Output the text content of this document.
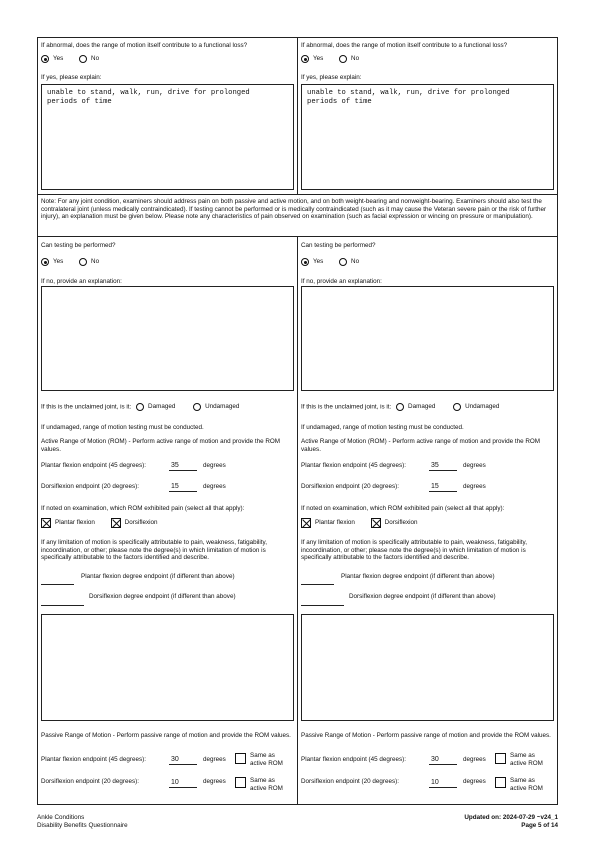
Note: For any joint condition, examiners should address pain on both passive and active motion, and on both weight-bearing and nonweight-bearing. Examiners should also test the contralateral joint (unless medically contraindicated). If testing cannot be performed or is medically contraindicated (such as it may cause the Veteran severe pain or the risk of further injury), an explanation must be given below. Please note any characteristics of pain observed on examination (such as facial expression or wincing on pressure or manipulation).
If abnormal, does the range of motion itself contribute to a functional loss?
Yes	No
If yes, please explain:
unable to stand, walk, run, drive for prolonged
periods of time
Can testing be performed?
Yes	No
If no, provide an explanation:
If this is the unclaimed joint, is it:	Damaged	Undamaged
If undamaged, range of motion testing must be conducted.
Active Range of Motion (ROM) - Perform active range of motion and provide the ROM values.
Plantar flexion endpoint (45 degrees):	35	degrees
Dorsiflexion endpoint (20 degrees):	15	degrees
If noted on examination, which ROM exhibited pain (select all that apply):
Plantar flexion	Dorsiflexion
If any limitation of motion is specifically attributable to pain, weakness, fatigability, incoordination, or other; please note the degree(s) in which limitation of motion is specifically attributable to the factors identified and describe.
Plantar flexion degree endpoint (if different than above)
Dorsiflexion degree endpoint (if different than above)
Passive Range of Motion - Perform passive range of motion and provide the ROM values.
Plantar flexion endpoint (45 degrees):	30	degrees
Same as
active ROM
Dorsiflexion endpoint (20 degrees):	10	degrees	Same as
active ROM
If abnormal, does the range of motion itself contribute to a functional loss?
Yes	No
If yes, please explain:
unable to stand, walk, run, drive for prolonged
periods of time
Can testing be performed?
Yes	No
If no, provide an explanation:
If this is the unclaimed joint, is it:	Damaged	Undamaged
If undamaged, range of motion testing must be conducted.
Active Range of Motion (ROM) - Perform active range of motion and provide the ROM values.
Plantar flexion endpoint (45 degrees):	35	degrees
Dorsiflexion endpoint (20 degrees):	15	degrees
If noted on examination, which ROM exhibited pain (select all that apply):
Plantar flexion	Dorsiflexion
If any limitation of motion is specifically attributable to pain, weakness, fatigability, incoordination, or other; please note the degree(s) in which limitation of motion is specifically attributable to the factors identified and describe.
Plantar flexion degree endpoint (if different than above)
Dorsiflexion degree endpoint (if different than above)
Passive Range of Motion - Perform passive range of motion and provide the ROM values.
Plantar flexion endpoint (45 degrees):	30	degrees
Same as
active ROM
Dorsiflexion endpoint (20 degrees):	10	degrees	Same as
active ROM
Ankle Conditions
Disability Benefits Questionnaire
Updated on: 2024-07-29 ~v24_1
Page 5 of 14
